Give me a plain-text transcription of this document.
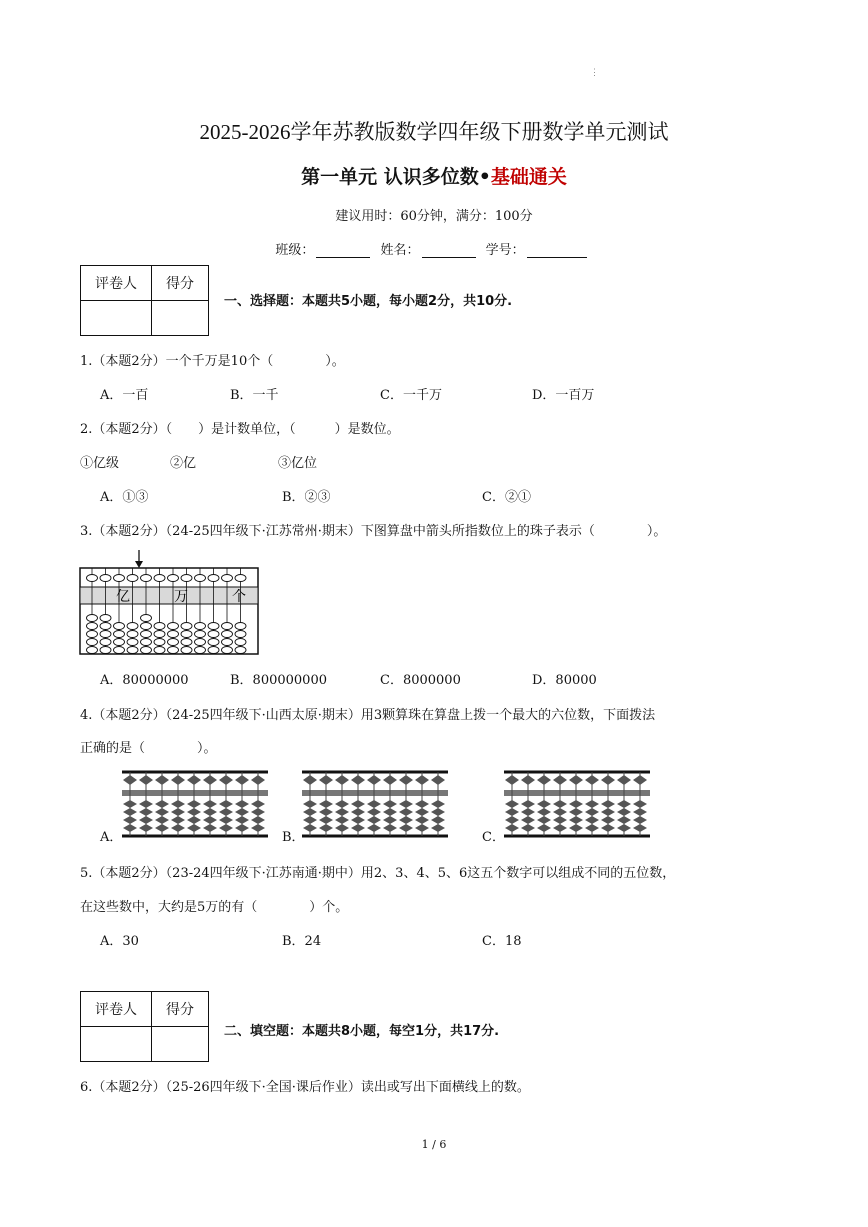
⋮
2025-2026学年苏教版数学四年级下册数学单元测试
第一单元 认识多位数•基础通关
建议用时：60分钟，满分：100分
班级：	姓名：	学号：
评卷人	得分

一、选择题：本题共5小题，每小题2分，共10分.
1.（本题2分）一个千万是10个（　　　　）。
A．一百	B．一千	C．一千万	D．一百万
2.（本题2分）（　　）是计数单位，（　　　）是数位。
①亿级	②亿	③亿位
A．①③	B．②③	C．②①
3.（本题2分）（24-25四年级下·江苏常州·期末）下图算盘中箭头所指数位上的珠子表示（　　　　）。
亿	万	个
A．80000000	B．800000000	C．8000000	D．80000
4.（本题2分）（24-25四年级下·山西太原·期末）用3颗算珠在算盘上拨一个最大的六位数，下面拨法
正确的是（　　　　）。
A．	B．	C．
5.（本题2分）（23-24四年级下·江苏南通·期中）用2、3、4、5、6这五个数字可以组成不同的五位数，
在这些数中，大约是5万的有（　　　　）个。
A．30	B．24	C．18
评卷人	得分

二、填空题：本题共8小题，每空1分，共17分.
6.（本题2分）（25-26四年级下·全国·课后作业）读出或写出下面横线上的数。
1 / 6
